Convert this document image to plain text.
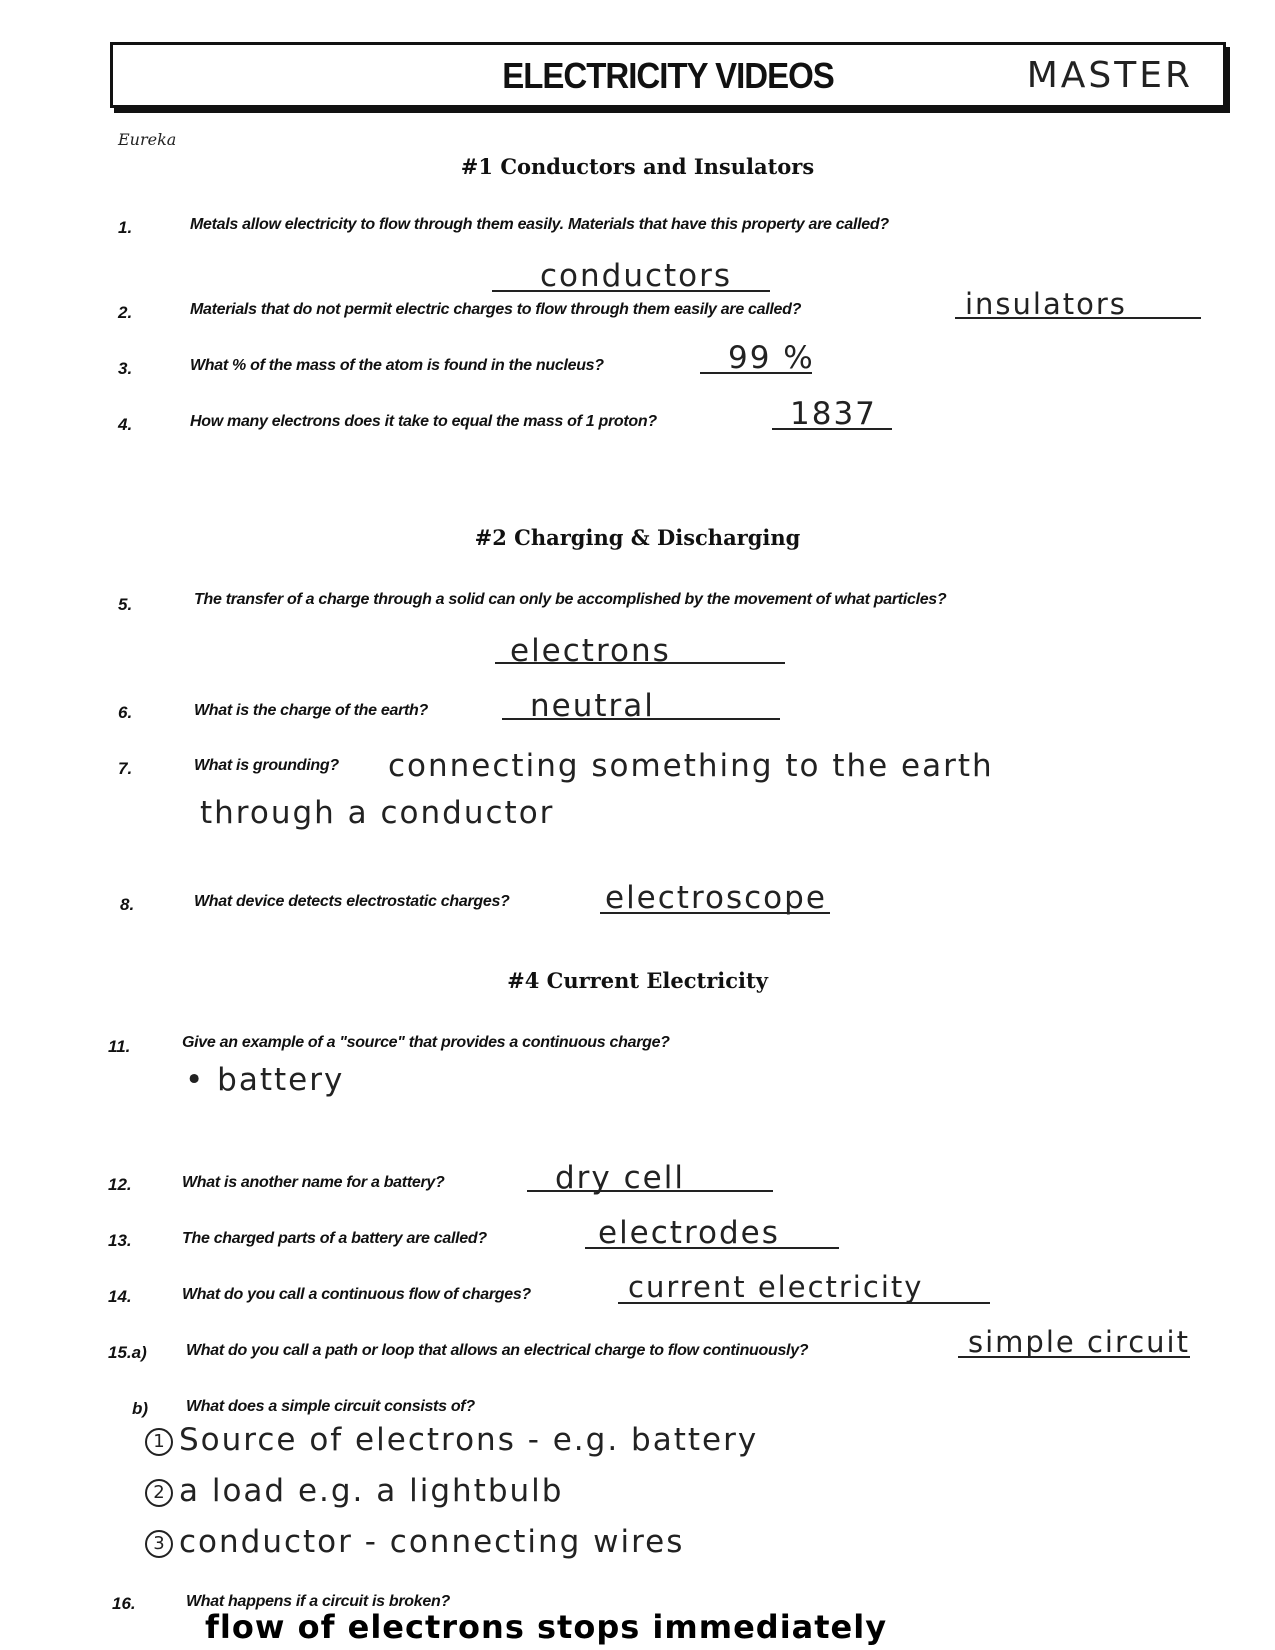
ELECTRICITY VIDEOS	MASTER
Eureka
#1 Conductors and Insulators
1.	Metals allow electricity to flow through them easily. Materials that have this property are called?
conductors
2.	Materials that do not permit electric charges to flow through them easily are called?	insulators
3.	What % of the mass of the atom is found in the nucleus?	99 %
4.	How many electrons does it take to equal the mass of 1 proton?	1837
#2 Charging & Discharging
5.	The transfer of a charge through a solid can only be accomplished by the movement of what particles?
electrons
6.	What is the charge of the earth?	neutral
7.	What is grounding? connecting something to the earth
through a conductor
8.	What device detects electrostatic charges?	electroscope
#4 Current Electricity
11.	Give an example of a "source" that provides a continuous charge?
• battery
12.	What is another name for a battery?	dry cell
13.	The charged parts of a battery are called?	electrodes
14.	What do you call a continuous flow of charges?	current electricity
15.a) What do you call a path or loop that allows an electrical charge to flow continuously?	simple circuit
b) What does a simple circuit consists of?
1 Source of electrons - e.g. battery
2 a load e.g. a lightbulb
3 conductor - connecting wires
16.	What happens if a circuit is broken?
flow of electrons stops immediately
